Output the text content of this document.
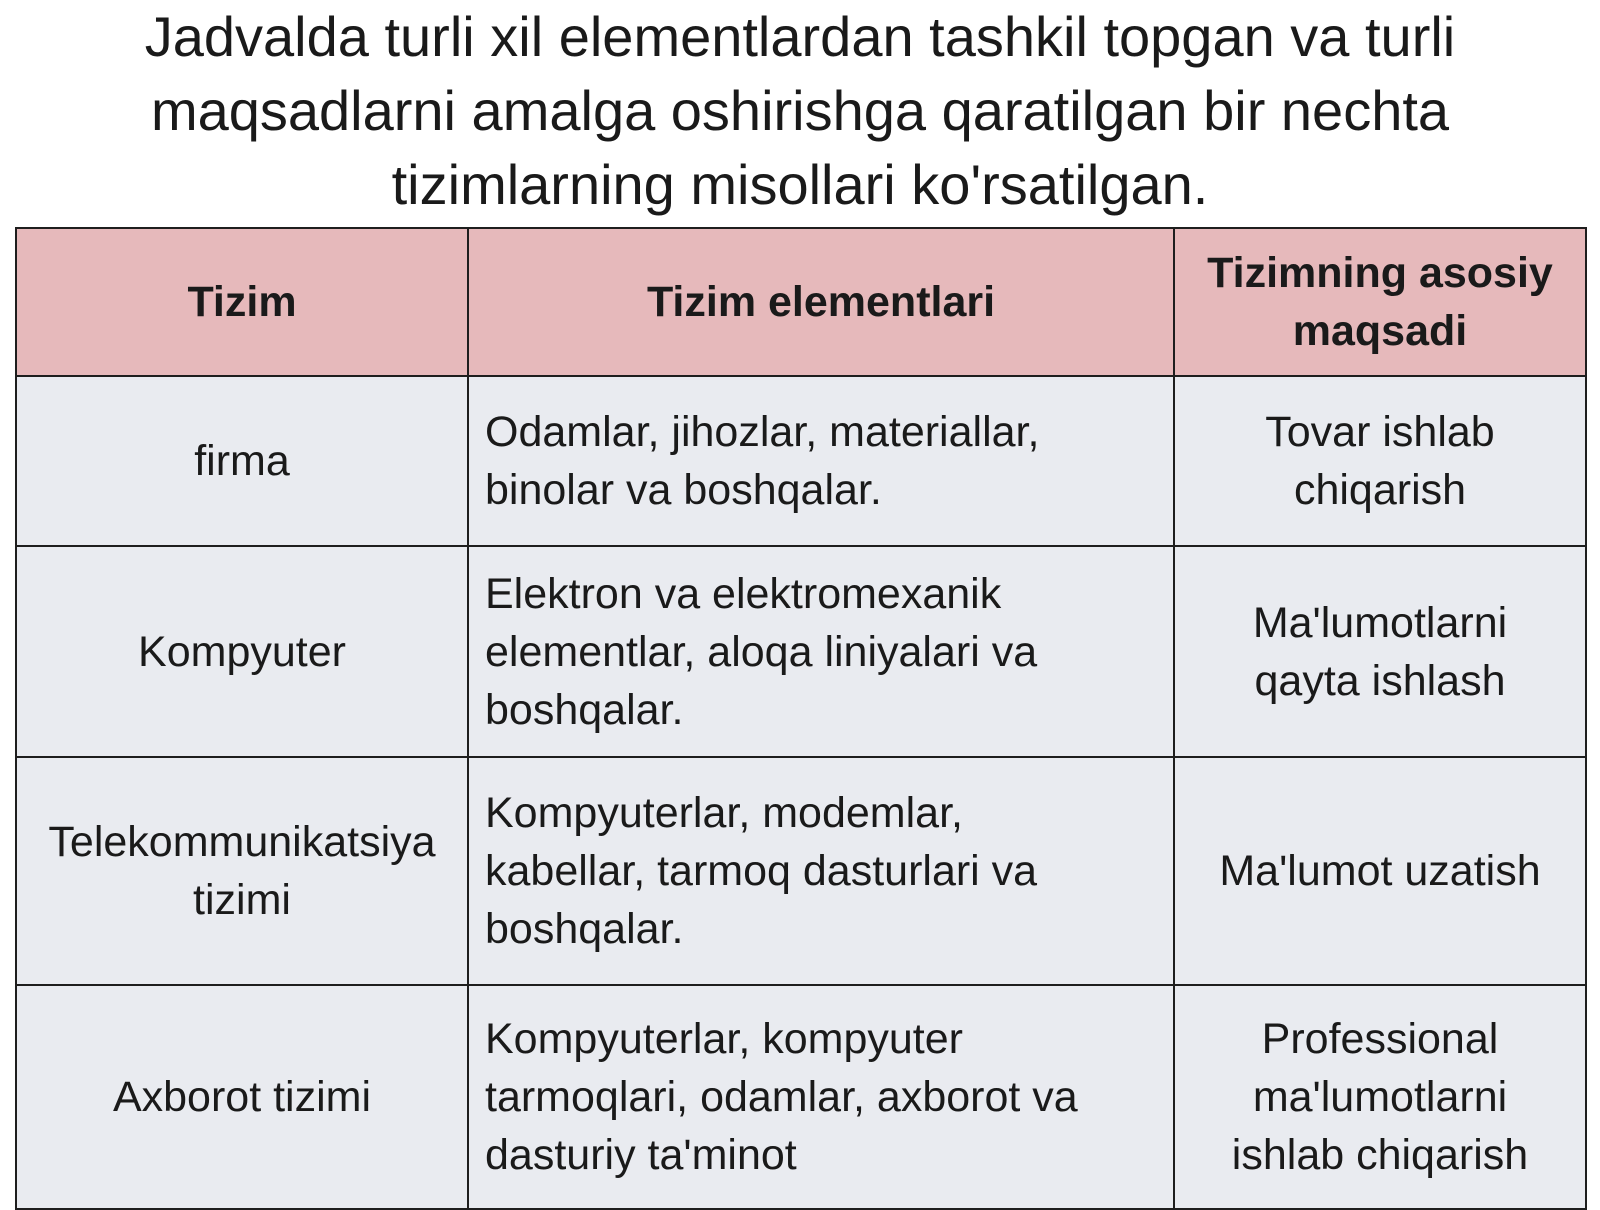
Jadvalda turli xil elementlardan tashkil topgan va turli
maqsadlarni amalga oshirishga qaratilgan bir nechta
tizimlarning misollari ko'rsatilgan.
Tizim	Tizim elementlari	Tizimning asosiy
maqsadi

firma	Odamlar, jihozlar, materiallar,
binolar va boshqalar.	Tovar ishlab
chiqarish

Kompyuter	Elektron va elektromexanik
elementlar, aloqa liniyalari va
boshqalar.	Ma'lumotlarni
qayta ishlash

Telekommunikatsiya
tizimi	Kompyuterlar, modemlar,
kabellar, tarmoq dasturlari va
boshqalar.	Ma'lumot uzatish

Axborot tizimi	Kompyuterlar, kompyuter
tarmoqlari, odamlar, axborot va
dasturiy ta'minot	Professional
ma'lumotlarni
ishlab chiqarish
